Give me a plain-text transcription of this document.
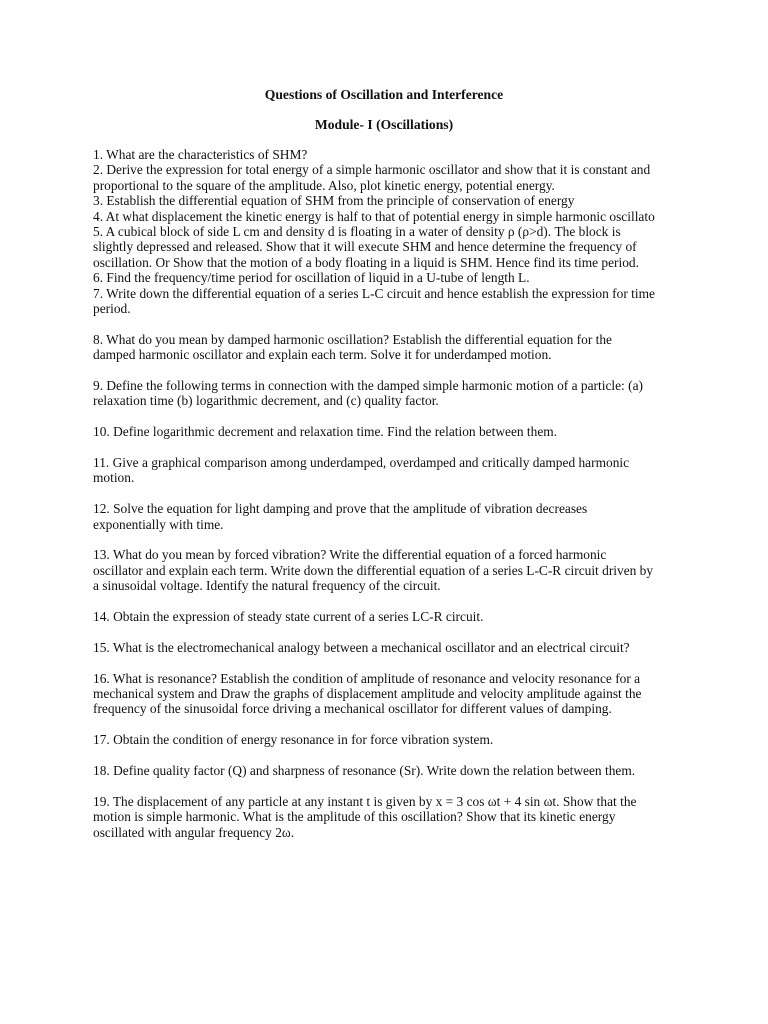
Questions of Oscillation and Interference
Module- I (Oscillations)

1. What are the characteristics of SHM?

2. Derive the expression for total energy of a simple harmonic oscillator and show that it is constant and proportional to the square of the amplitude. Also, plot kinetic energy, potential energy.

3. Establish the differential equation of SHM from the principle of conservation of energy

4. At what displacement the kinetic energy is half to that of potential energy in simple harmonic oscillato

5. A cubical block of side L cm and density d is floating in a water of density ρ (ρ>d). The block is slightly depressed and released. Show that it will execute SHM and hence determine the frequency of oscillation. Or Show that the motion of a body floating in a liquid is SHM. Hence find its time period.

6. Find the frequency/time period for oscillation of liquid in a U-tube of length L.

7. Write down the differential equation of a series L-C circuit and hence establish the expression for time period.

8. What do you mean by damped harmonic oscillation? Establish the differential equation for the damped harmonic oscillator and explain each term. Solve it for underdamped motion.

9. Define the following terms in connection with the damped simple harmonic motion of a particle: (a) relaxation time (b) logarithmic decrement, and (c) quality factor.

10. Define logarithmic decrement and relaxation time. Find the relation between them.

11. Give a graphical comparison among underdamped, overdamped and critically damped harmonic motion.

12. Solve the equation for light damping and prove that the amplitude of vibration decreases exponentially with time.

13. What do you mean by forced vibration? Write the differential equation of a forced harmonic oscillator and explain each term. Write down the differential equation of a series L-C-R circuit driven by a sinusoidal voltage. Identify the natural frequency of the circuit.

14. Obtain the expression of steady state current of a series LC-R circuit.

15. What is the electromechanical analogy between a mechanical oscillator and an electrical circuit?

16. What is resonance? Establish the condition of amplitude of resonance and velocity resonance for a mechanical system and Draw the graphs of displacement amplitude and velocity amplitude against the frequency of the sinusoidal force driving a mechanical oscillator for different values of damping.

17. Obtain the condition of energy resonance in for force vibration system.

18. Define quality factor (Q) and sharpness of resonance (Sr). Write down the relation between them.

19. The displacement of any particle at any instant t is given by x = 3 cos ωt + 4 sin ωt. Show that the motion is simple harmonic. What is the amplitude of this oscillation? Show that its kinetic energy oscillated with angular frequency 2ω.
